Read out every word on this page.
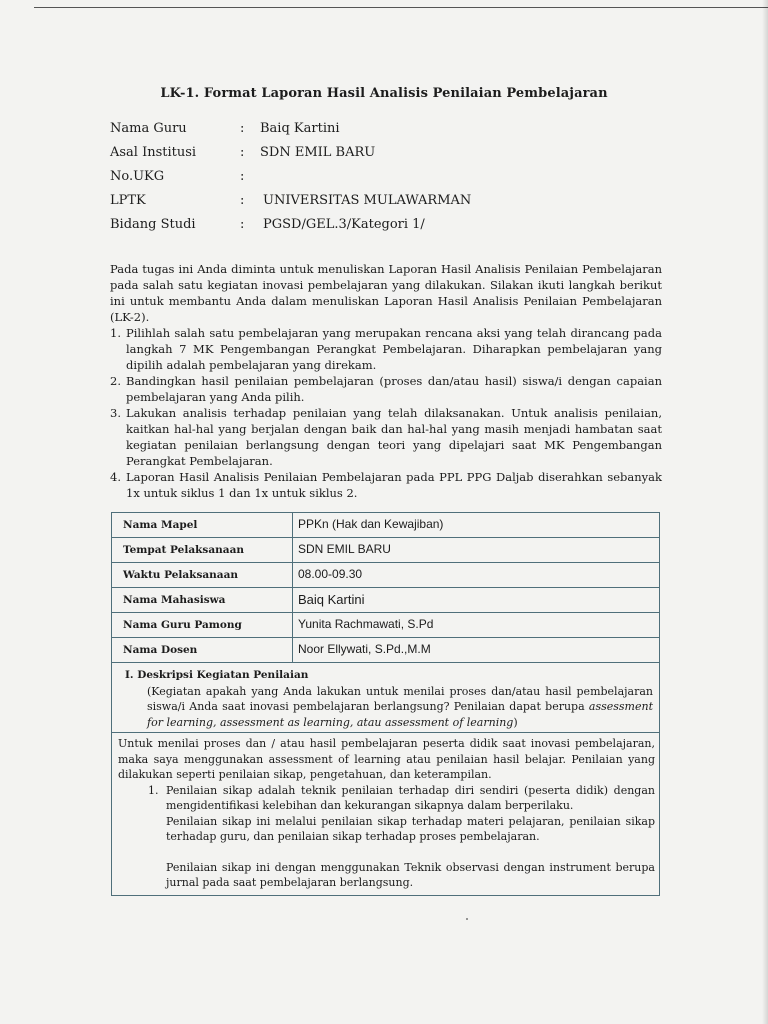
LK-1. Format Laporan Hasil Analisis Penilaian Pembelajaran
Nama Guru	: Baiq Kartini
Asal Institusi	: SDN EMIL BARU
No.UKG	:
LPTK	: UNIVERSITAS MULAWARMAN
Bidang Studi	: PGSD/GEL.3/Kategori 1/

Pada tugas ini Anda diminta untuk menuliskan Laporan Hasil Analisis Penilaian Pembelajaran pada salah satu kegiatan inovasi pembelajaran yang dilakukan. Silakan ikuti langkah berikut ini untuk membantu Anda dalam menuliskan Laporan Hasil Analisis Penilaian Pembelajaran (LK-2).

1. Pilihlah salah satu pembelajaran yang merupakan rencana aksi yang telah dirancang pada langkah 7 MK Pengembangan Perangkat Pembelajaran. Diharapkan pembelajaran yang dipilih adalah pembelajaran yang direkam.
2. Bandingkan hasil penilaian pembelajaran (proses dan/atau hasil) siswa/i dengan capaian pembelajaran yang Anda pilih.
3. Lakukan analisis terhadap penilaian yang telah dilaksanakan. Untuk analisis penilaian, kaitkan hal-hal yang berjalan dengan baik dan hal-hal yang masih menjadi hambatan saat kegiatan penilaian berlangsung dengan teori yang dipelajari saat MK Pengembangan Perangkat Pembelajaran.
4. Laporan Hasil Analisis Penilaian Pembelajaran pada PPL PPG Daljab diserahkan sebanyak 1x untuk siklus 1 dan 1x untuk siklus 2.
Nama Mapel	PPKn (Hak dan Kewajiban)
Tempat Pelaksanaan	SDN EMIL BARU
Waktu Pelaksanaan	08.00-09.30
Nama Mahasiswa	Baiq Kartini
Nama Guru Pamong	Yunita Rachmawati, S.Pd
Nama Dosen	Noor Ellywati, S.Pd.,M.M
I. Deskripsi Kegiatan Penilaian
(Kegiatan apakah yang Anda lakukan untuk menilai proses dan/atau hasil pembelajaran siswa/i Anda saat inovasi pembelajaran berlangsung? Penilaian dapat berupa assessment for learning, assessment as learning, atau assessment of learning)

Untuk menilai proses dan / atau hasil pembelajaran peserta didik saat inovasi pembelajaran, maka saya menggunakan assessment of learning atau penilaian hasil belajar. Penilaian yang dilakukan seperti penilaian sikap, pengetahuan, dan keterampilan.

1. Penilaian sikap adalah teknik penilaian terhadap diri sendiri (peserta didik) dengan mengidentifikasi kelebihan dan kekurangan sikapnya dalam berperilaku.

Penilaian sikap ini melalui penilaian sikap terhadap materi pelajaran, penilaian sikap terhadap guru, dan penilaian sikap terhadap proses pembelajaran.

Penilaian sikap ini dengan menggunakan Teknik observasi dengan instrument berupa jurnal pada saat pembelajaran berlangsung.
